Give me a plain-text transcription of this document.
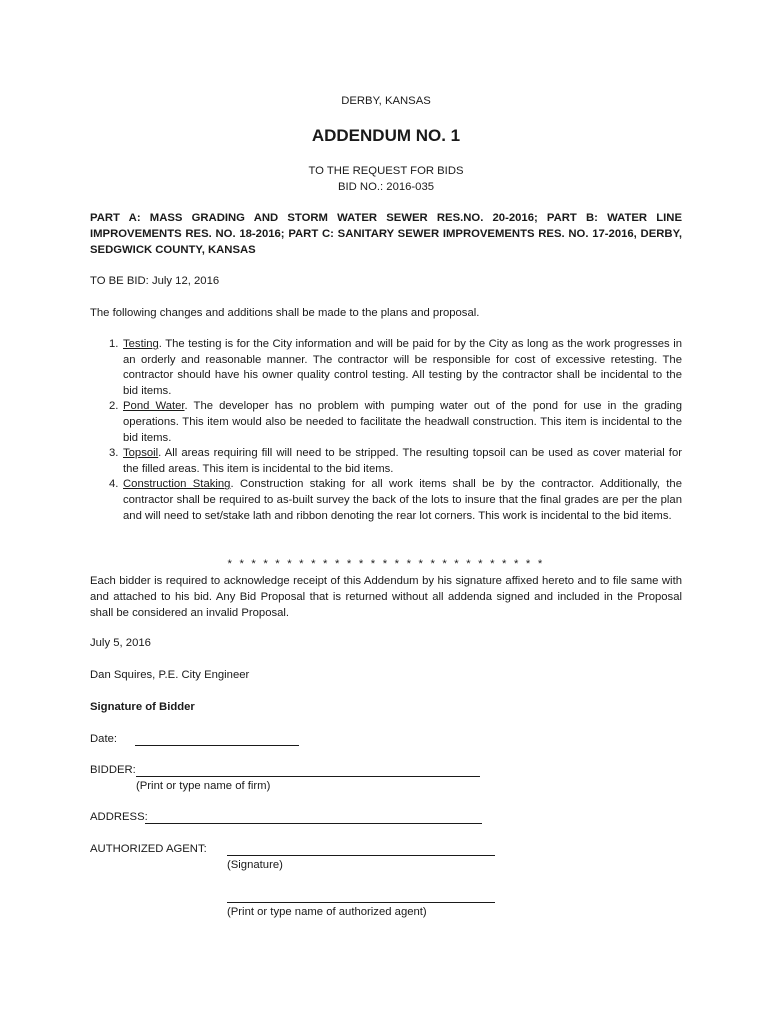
DERBY, KANSAS
ADDENDUM NO. 1
TO THE REQUEST FOR BIDS
BID NO.: 2016-035
PART A: MASS GRADING AND STORM WATER SEWER RES.NO. 20-2016; PART B: WATER LINE IMPROVEMENTS RES. NO. 18-2016; PART C: SANITARY SEWER IMPROVEMENTS RES. NO. 17-2016, DERBY, SEDGWICK COUNTY, KANSAS
TO BE BID: July 12, 2016
The following changes and additions shall be made to the plans and proposal.
1. Testing. The testing is for the City information and will be paid for by the City as long as the work progresses in an orderly and reasonable manner. The contractor will be responsible for cost of excessive retesting. The contractor should have his owner quality control testing. All testing by the contractor shall be incidental to the bid items.
2. Pond Water. The developer has no problem with pumping water out of the pond for use in the grading operations. This item would also be needed to facilitate the headwall construction. This item is incidental to the bid items.
3. Topsoil. All areas requiring fill will need to be stripped. The resulting topsoil can be used as cover material for the filled areas. This item is incidental to the bid items.
4. Construction Staking. Construction staking for all work items shall be by the contractor. Additionally, the contractor shall be required to as-built survey the back of the lots to insure that the final grades are per the plan and will need to set/stake lath and ribbon denoting the rear lot corners. This work is incidental to the bid items.
* * * * * * * * * * * * * * * * * * * * * * * * * * *
Each bidder is required to acknowledge receipt of this Addendum by his signature affixed hereto and to file same with and attached to his bid. Any Bid Proposal that is returned without all addenda signed and included in the Proposal shall be considered an invalid Proposal.
July 5, 2016
Dan Squires, P.E. City Engineer
Signature of Bidder
Date:
BIDDER:
(Print or type name of firm)
ADDRESS:
AUTHORIZED AGENT:
(Signature)
(Print or type name of authorized agent)
